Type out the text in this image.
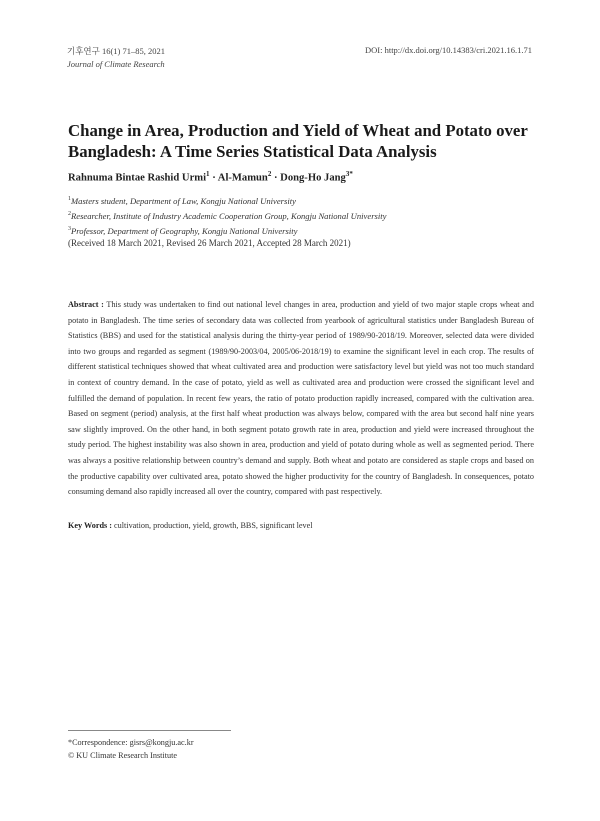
기후연구 16(1) 71–85, 2021
Journal of Climate Research
DOI: http://dx.doi.org/10.14383/cri.2021.16.1.71
Change in Area, Production and Yield of Wheat and Potato over Bangladesh: A Time Series Statistical Data Analysis
Rahnuma Bintae Rashid Urmi$^1$ · Al-Mamun$^2$ · Dong-Ho Jang$^{3*}$
$^1$Masters student, Department of Law, Kongju National University
$^2$Researcher, Institute of Industry Academic Cooperation Group, Kongju National University
$^3$Professor, Department of Geography, Kongju National University
(Received 18 March 2021, Revised 26 March 2021, Accepted 28 March 2021)
Abstract : This study was undertaken to find out national level changes in area, production and yield of two major staple crops wheat and potato in Bangladesh. The time series of secondary data was collected from yearbook of agricultural statistics under Bangladesh Bureau of Statistics (BBS) and used for the statistical analysis during the thirty-year period of 1989/90-2018/19. Moreover, selected data were divided into two groups and regarded as segment (1989/90-2003/04, 2005/06-2018/19) to examine the significant level in each crop. The results of different statistical techniques showed that wheat cultivated area and production were satisfactory level but yield was not too much standard in context of country demand. In the case of potato, yield as well as cultivated area and production were crossed the significant level and fulfilled the demand of population. In recent few years, the ratio of potato production rapidly increased, compared with the cultivation area. Based on segment (period) analysis, at the first half wheat production was always below, compared with the area but second half nine years saw slightly improved. On the other hand, in both segment potato growth rate in area, production and yield were increased throughout the study period. The highest instability was also shown in area, production and yield of potato during whole as well as segmented period. There was always a positive relationship between country’s demand and supply. Both wheat and potato are considered as staple crops and based on the productive capability over cultivated area, potato showed the higher productivity for the country of Bangladesh. In consequences, potato consuming demand also rapidly increased all over the country, compared with past respectively.
Key Words : cultivation, production, yield, growth, BBS, significant level
*Correspondence: gisrs@kongju.ac.kr
© KU Climate Research Institute
